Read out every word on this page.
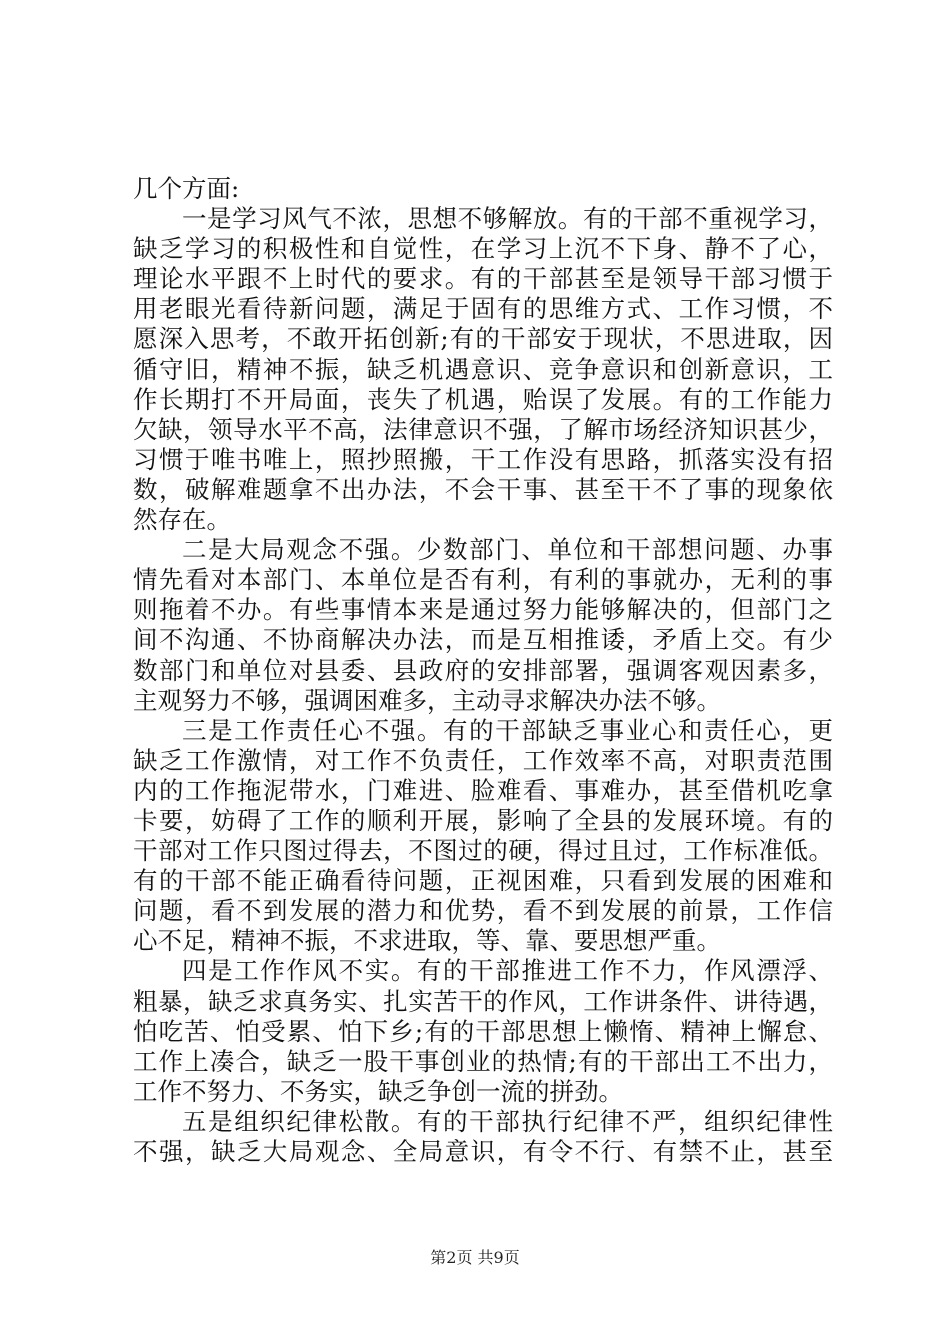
几个方面:
一是学习风气不浓，思想不够解放。有的干部不重视学习，
缺乏学习的积极性和自觉性，在学习上沉不下身、静不了心，
理论水平跟不上时代的要求。有的干部甚至是领导干部习惯于
用老眼光看待新问题，满足于固有的思维方式、工作习惯，不
愿深入思考，不敢开拓创新;有的干部安于现状，不思进取，因
循守旧，精神不振，缺乏机遇意识、竞争意识和创新意识，工
作长期打不开局面，丧失了机遇，贻误了发展。有的工作能力
欠缺，领导水平不高，法律意识不强，了解市场经济知识甚少，
习惯于唯书唯上，照抄照搬，干工作没有思路，抓落实没有招
数，破解难题拿不出办法，不会干事、甚至干不了事的现象依
然存在。
二是大局观念不强。少数部门、单位和干部想问题、办事
情先看对本部门、本单位是否有利，有利的事就办，无利的事
则拖着不办。有些事情本来是通过努力能够解决的，但部门之
间不沟通、不协商解决办法，而是互相推诿，矛盾上交。有少
数部门和单位对县委、县政府的安排部署，强调客观因素多，
主观努力不够，强调困难多，主动寻求解决办法不够。
三是工作责任心不强。有的干部缺乏事业心和责任心，更
缺乏工作激情，对工作不负责任，工作效率不高，对职责范围
内的工作拖泥带水，门难进、脸难看、事难办，甚至借机吃拿
卡要，妨碍了工作的顺利开展，影响了全县的发展环境。有的
干部对工作只图过得去，不图过的硬，得过且过，工作标准低。
有的干部不能正确看待问题，正视困难，只看到发展的困难和
问题，看不到发展的潜力和优势，看不到发展的前景，工作信
心不足，精神不振，不求进取，等、靠、要思想严重。
四是工作作风不实。有的干部推进工作不力，作风漂浮、
粗暴，缺乏求真务实、扎实苦干的作风，工作讲条件、讲待遇，
怕吃苦、怕受累、怕下乡;有的干部思想上懒惰、精神上懈怠、
工作上凑合，缺乏一股干事创业的热情;有的干部出工不出力，
工作不努力、不务实，缺乏争创一流的拼劲。
五是组织纪律松散。有的干部执行纪律不严，组织纪律性
不强，缺乏大局观念、全局意识，有令不行、有禁不止，甚至
第2页 共9页
